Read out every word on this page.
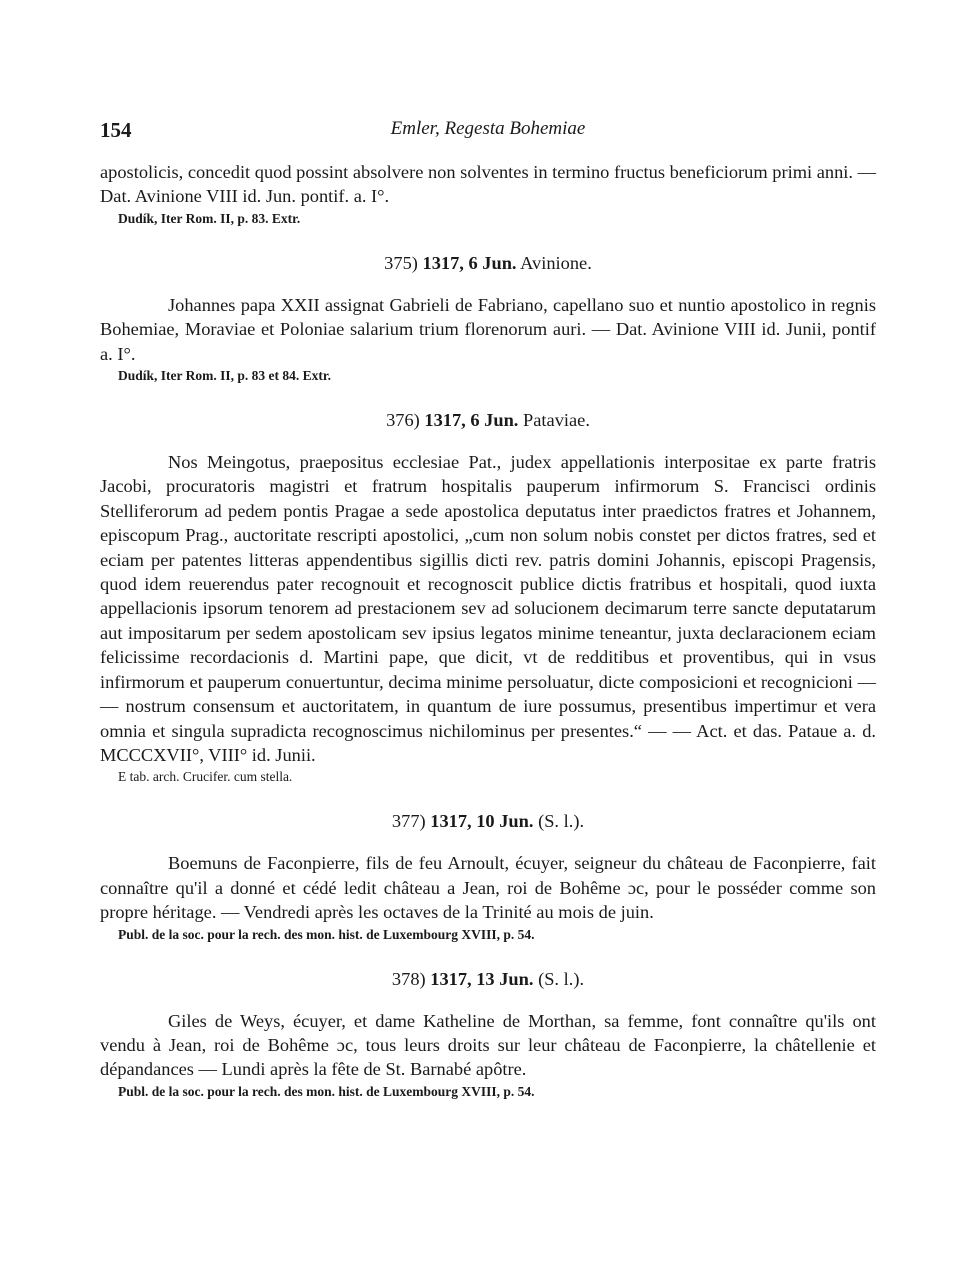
154	Emler, Regesta Bohemiae

apostolicis, concedit quod possint absolvere non solventes in termino fructus beneficiorum primi anni. — Dat. Avinione VIII id. Jun. pontif. a. I°.

Dudík, Iter Rom. II, p. 83. Extr.

375) 1317, 6 Jun. Avinione.

Johannes papa XXII assignat Gabrieli de Fabriano, capellano suo et nuntio apostolico in regnis Bohemiae, Moraviae et Poloniae salarium trium florenorum auri. — Dat. Avinione VIII id. Junii, pontif a. I°.

Dudík, Iter Rom. II, p. 83 et 84. Extr.

376) 1317, 6 Jun. Pataviae.

Nos Meingotus, praepositus ecclesiae Pat., judex appellationis interpositae ex parte fratris Jacobi, procuratoris magistri et fratrum hospitalis pauperum infirmorum S. Francisci ordinis Stelliferorum ad pedem pontis Pragae a sede apostolica deputatus inter praedictos fratres et Johannem, episcopum Prag., auctoritate rescripti apostolici, „cum non solum nobis constet per dictos fratres, sed et eciam per patentes litteras appendentibus sigillis dicti rev. patris domini Johannis, episcopi Pragensis, quod idem reuerendus pater recognouit et recognoscit publice dictis fratribus et hospitali, quod iuxta appellacionis ipsorum tenorem ad prestacionem sev ad solucionem decimarum terre sancte deputatarum aut impositarum per sedem apostolicam sev ipsius legatos minime teneantur, juxta declaracionem eciam felicissime recordacionis d. Martini pape, que dicit, vt de redditibus et proventibus, qui in vsus infirmorum et pauperum conuertuntur, decima minime persoluatur, dicte composicioni et recognicioni — — nostrum consensum et auctoritatem, in quantum de iure possumus, presentibus impertimur et vera omnia et singula supradicta recognoscimus nichilominus per presentes.“ — — Act. et das. Pataue a. d. MCCCXVII°, VIII° id. Junii.

E tab. arch. Crucifer. cum stella.

377) 1317, 10 Jun. (S. l.).

Boemuns de Faconpierre, fils de feu Arnoult, écuyer, seigneur du château de Faconpierre, fait connaître qu'il a donné et cédé ledit château a Jean, roi de Bohême ɔc, pour le posséder comme son propre héritage. — Vendredi après les octaves de la Trinité au mois de juin.

Publ. de la soc. pour la rech. des mon. hist. de Luxembourg XVIII, p. 54.

378) 1317, 13 Jun. (S. l.).

Giles de Weys, écuyer, et dame Katheline de Morthan, sa femme, font connaître qu'ils ont vendu à Jean, roi de Bohême ɔc, tous leurs droits sur leur château de Faconpierre, la châtellenie et dépandances — Lundi après la fête de St. Barnabé apôtre.

Publ. de la soc. pour la rech. des mon. hist. de Luxembourg XVIII, p. 54.
